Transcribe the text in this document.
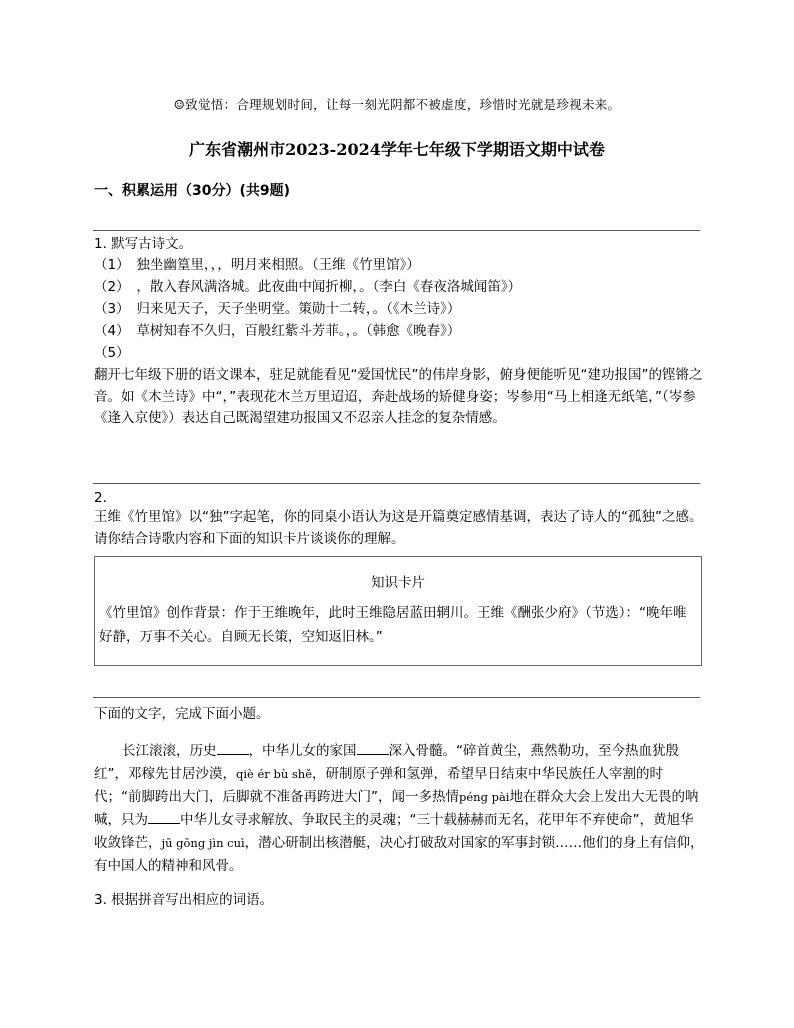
☺致觉悟：合理规划时间，让每一刻光阴都不被虚度，珍惜时光就是珍视未来。
广东省潮州市2023-2024学年七年级下学期语文期中试卷
一、积累运用（30分）(共9题)
1. 默写古诗文。
（1）　独坐幽篁里，，，明月来相照。（王维《竹里馆》）
（2）　，散入春风满洛城。此夜曲中闻折柳，。（李白《春夜洛城闻笛》）
（3）　归来见天子，天子坐明堂。策勋十二转，。（《木兰诗》）
（4）　草树知春不久归，百般红紫斗芳菲。，。（韩愈《晚春》）
（5）
翻开七年级下册的语文课本，驻足就能看见“爱国忧民”的伟岸身影，俯身便能听见“建功报国”的铿锵之音。如《木兰诗》中“，”表现花木兰万里迢迢，奔赴战场的矫健身姿；岑参用“马上相逢无纸笔，”（岑参《逢入京使》）表达自己既渴望建功报国又不忍亲人挂念的复杂情感。
2.
王维《竹里馆》以“独”字起笔，你的同桌小语认为这是开篇奠定感情基调，表达了诗人的“孤独”之感。请你结合诗歌内容和下面的知识卡片谈谈你的理解。
知识卡片
《竹里馆》创作背景：作于王维晚年，此时王维隐居蓝田辋川。王维《酬张少府》（节选）：“晚年唯好静，万事不关心。自顾无长策，空知返旧林。”
下面的文字，完成下面小题。
长江滚滚，历史 ，中华儿女的家国 深入骨髓。“碎首黄尘，燕然勒功，至今热血犹殷红”，邓稼先甘居沙漠，qiè ér bù shě，研制原子弹和氢弹，希望早日结束中华民族任人宰割的时代；“前脚跨出大门，后脚就不准备再跨进大门”，闻一多热情péng pài地在群众大会上发出大无畏的呐喊，只为 中华儿女寻求解放、争取民主的灵魂；“三十载赫赫而无名，花甲年不弃使命”，黄旭华收敛锋芒，jū gōng jìn cuì，潜心研制出核潜艇，决心打破敌对国家的军事封锁……他们的身上有信仰，有中国人的精神和风骨。
3. 根据拼音写出相应的词语。
